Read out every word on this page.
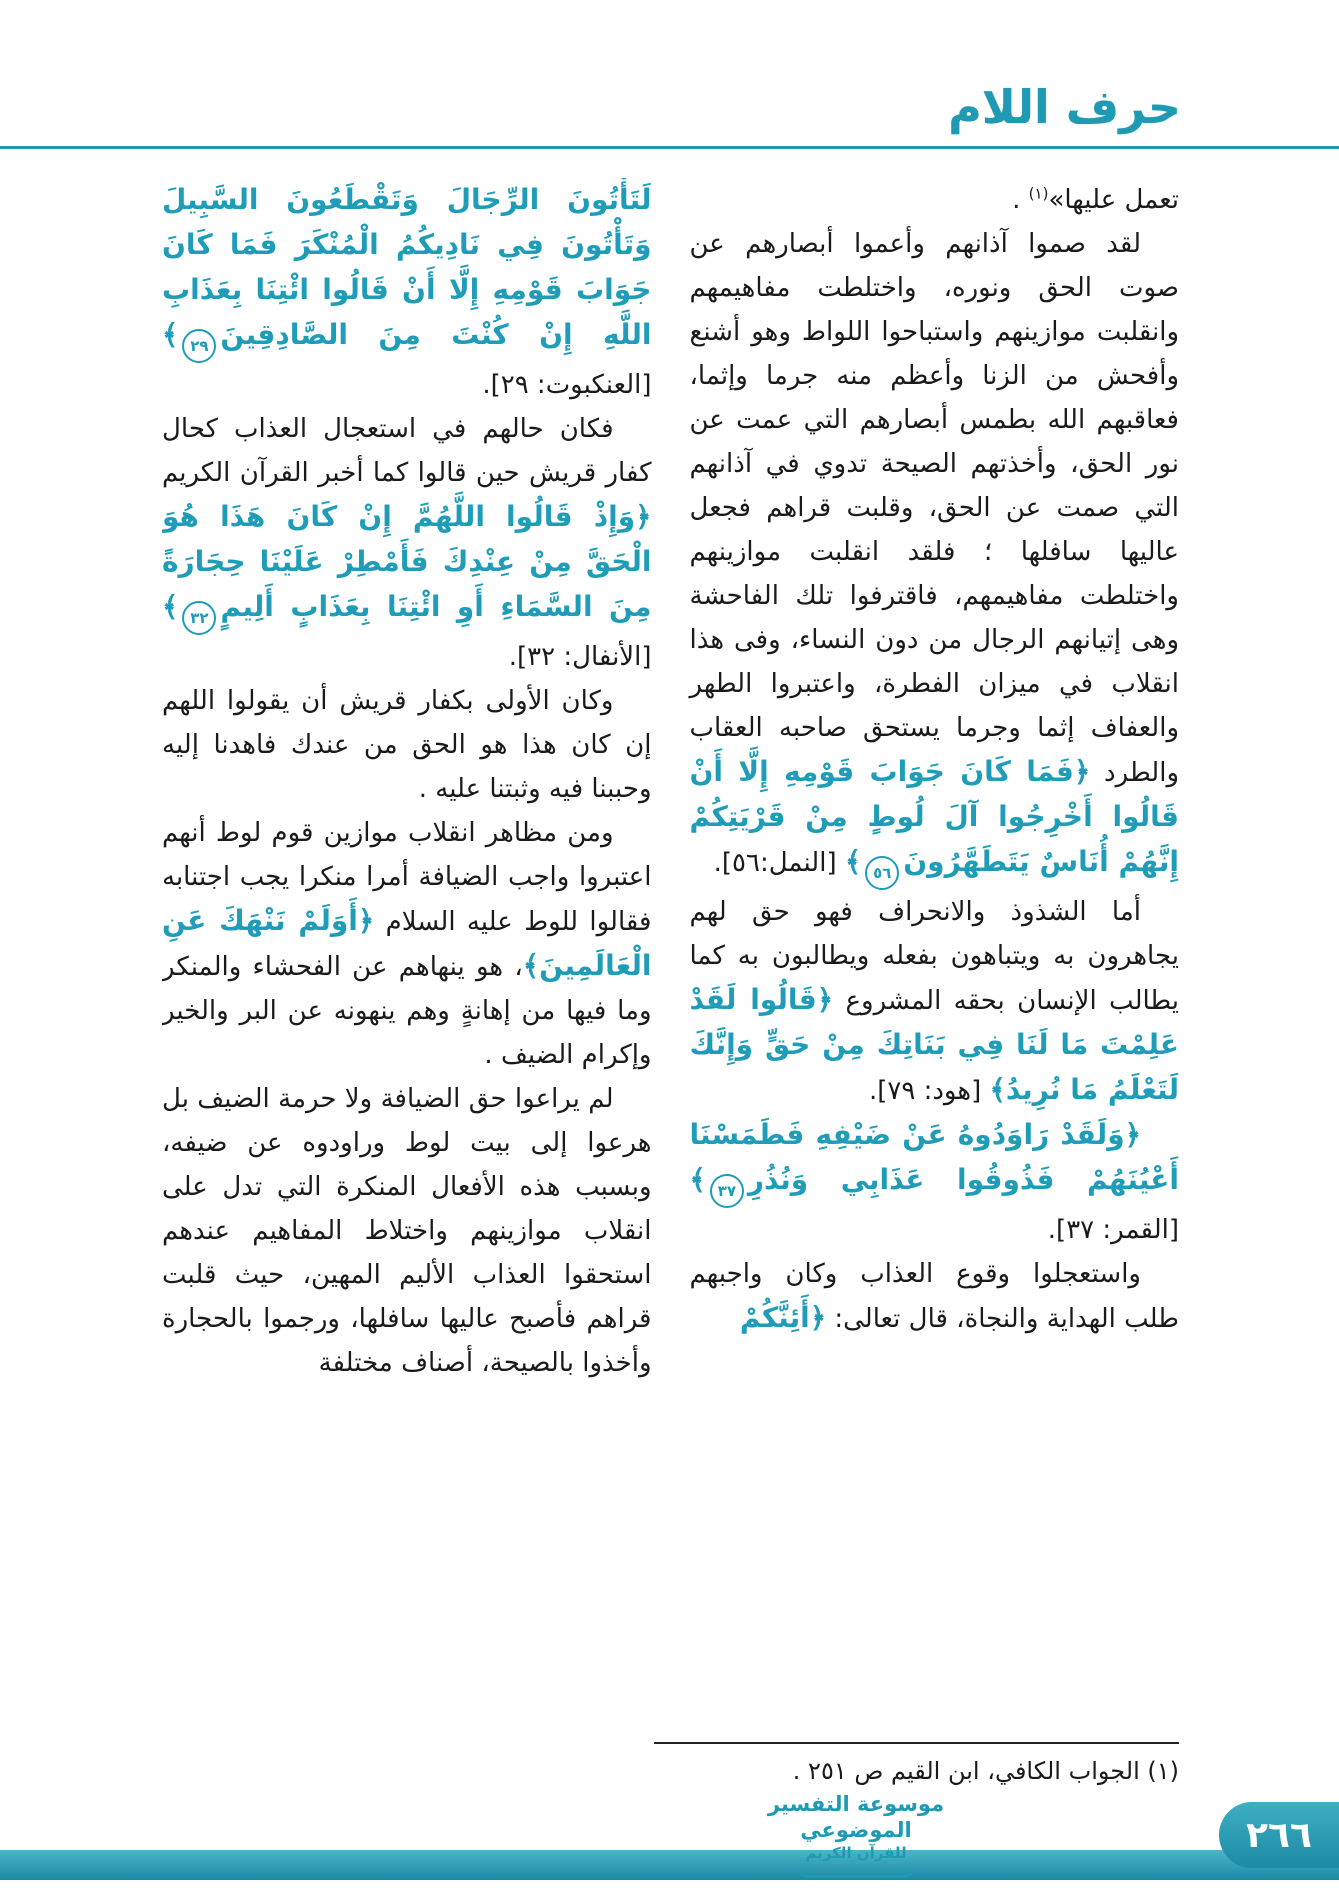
حرف اللام

تعمل عليها»$^{(١)}$ .

لقد صموا آذانهم وأعموا أبصارهم عن صوت الحق ونوره، واختلطت مفاهيمهم وانقلبت موازينهم واستباحوا اللواط وهو أشنع وأفحش من الزنا وأعظم منه جرما وإثما، فعاقبهم الله بطمس أبصارهم التي عمت عن نور الحق، وأخذتهم الصيحة تدوي في آذانهم التي صمت عن الحق، وقلبت قراهم فجعل عاليها سافلها ؛ فلقد انقلبت موازينهم واختلطت مفاهيمهم، فاقترفوا تلك الفاحشة وهى إتيانهم الرجال من دون النساء، وفى هذا انقلاب في ميزان الفطرة، واعتبروا الطهر والعفاف إثما وجرما يستحق صاحبه العقاب والطرد ﴿فَمَا كَانَ جَوَابَ قَوْمِهِ إِلَّا أَنْ قَالُوا أَخْرِجُوا آلَ لُوطٍ مِنْ قَرْيَتِكُمْ إِنَّهُمْ أُنَاسٌ يَتَطَهَّرُونَ٥٦﴾ [النمل:٥٦].

أما الشذوذ والانحراف فهو حق لهم يجاهرون به ويتباهون بفعله ويطالبون به كما يطالب الإنسان بحقه المشروع ﴿قَالُوا لَقَدْ عَلِمْتَ مَا لَنَا فِي بَنَاتِكَ مِنْ حَقٍّ وَإِنَّكَ لَتَعْلَمُ مَا نُرِيدُ﴾ [هود: ٧٩].

﴿وَلَقَدْ رَاوَدُوهُ عَنْ ضَيْفِهِ فَطَمَسْنَا أَعْيُنَهُمْ فَذُوقُوا عَذَابِي وَنُذُرِ٣٧﴾ [القمر: ٣٧].

واستعجلوا وقوع العذاب وكان واجبهم طلب الهداية والنجاة، قال تعالى: ﴿أَئِنَّكُمْ

لَتَأْتُونَ الرِّجَالَ وَتَقْطَعُونَ السَّبِيلَ وَتَأْتُونَ فِي نَادِيكُمُ الْمُنْكَرَ فَمَا كَانَ جَوَابَ قَوْمِهِ إِلَّا أَنْ قَالُوا ائْتِنَا بِعَذَابِ اللَّهِ إِنْ كُنْتَ مِنَ الصَّادِقِينَ٢٩﴾ [العنكبوت: ٢٩].

فكان حالهم في استعجال العذاب كحال كفار قريش حين قالوا كما أخبر القرآن الكريم ﴿وَإِذْ قَالُوا اللَّهُمَّ إِنْ كَانَ هَذَا هُوَ الْحَقَّ مِنْ عِنْدِكَ فَأَمْطِرْ عَلَيْنَا حِجَارَةً مِنَ السَّمَاءِ أَوِ ائْتِنَا بِعَذَابٍ أَلِيمٍ٣٢﴾ [الأنفال: ٣٢].

وكان الأولى بكفار قريش أن يقولوا اللهم إن كان هذا هو الحق من عندك فاهدنا إليه وحببنا فيه وثبتنا عليه .

ومن مظاهر انقلاب موازين قوم لوط أنهم اعتبروا واجب الضيافة أمرا منكرا يجب اجتنابه فقالوا للوط عليه السلام ﴿أَوَلَمْ نَنْهَكَ عَنِ الْعَالَمِينَ﴾، هو ينهاهم عن الفحشاء والمنكر وما فيها من إهانةٍ وهم ينهونه عن البر والخير وإكرام الضيف .

لم يراعوا حق الضيافة ولا حرمة الضيف بل هرعوا إلى بيت لوط وراودوه عن ضيفه، وبسبب هذه الأفعال المنكرة التي تدل على انقلاب موازينهم واختلاط المفاهيم عندهم استحقوا العذاب الأليم المهين، حيث قلبت قراهم فأصبح عاليها سافلها، ورجموا بالحجارة وأخذوا بالصيحة، أصناف مختلفة

(١) الجواب الكافي، ابن القيم ص ٢٥١ .
موسوعة التفسير الموضوعي
للقرآن الكريم	٢٦٦
